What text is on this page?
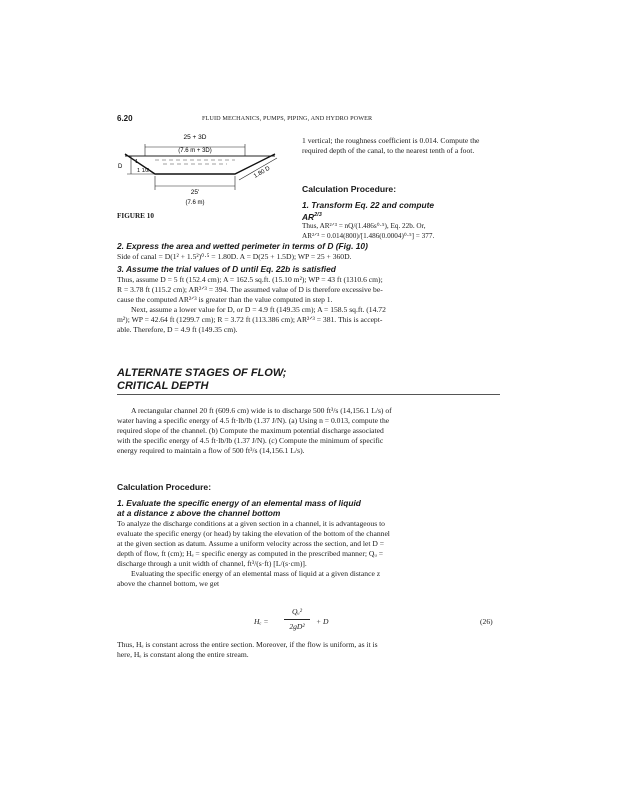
6.20	FLUID MECHANICS, PUMPS, PIPING, AND HYDRO POWER
25 + 3D
(7.6 m + 3D)
D
1
1 1/2
25'
(7.6 m)
1.80 D
FIGURE 10
1 vertical; the roughness coefficient is 0.014. Compute the required depth of the canal, to the nearest tenth of a foot.
Calculation Procedure:
1. Transform Eq. 22 and compute
$AR^{2/3}$
Thus, AR²ᐟ³ = nQ/(1.486s⁰·⁵), Eq. 22b. Or,
AR²ᐟ³ = 0.014(800)/[1.486(0.0004)⁰·⁵] = 377.
2. Express the area and wetted perimeter in terms of D (Fig. 10)
Side of canal = D(1² + 1.5²)⁰·⁵ = 1.80D. A = D(25 + 1.5D); WP = 25 + 360D.
3. Assume the trial values of D until Eq. 22b is satisfied

Thus, assume D = 5 ft (152.4 cm); A = 162.5 sq.ft. (15.10 m²); WP = 43 ft (1310.6 cm);

R = 3.78 ft (115.2 cm); AR²ᐟ³ = 394. The assumed value of D is therefore excessive be-

cause the computed AR²ᐟ³ is greater than the value computed in step 1.

Next, assume a lower value for D, or D = 4.9 ft (149.35 cm); A = 158.5 sq.ft. (14.72

m²); WP = 42.64 ft (1299.7 cm); R = 3.72 ft (113.386 cm); AR²ᐟ³ = 381. This is accept-

able. Therefore, D = 4.9 ft (149.35 cm).

ALTERNATE STAGES OF FLOW;
CRITICAL DEPTH

A rectangular channel 20 ft (609.6 cm) wide is to discharge 500 ft³/s (14,156.1 L/s) of

water having a specific energy of 4.5 ft·lb/lb (1.37 J/N). (a) Using n = 0.013, compute the

required slope of the channel. (b) Compute the maximum potential discharge associated

with the specific energy of 4.5 ft·lb/lb (1.37 J/N). (c) Compute the minimum of specific

energy required to maintain a flow of 500 ft³/s (14,156.1 L/s).

Calculation Procedure:
1. Evaluate the specific energy of an elemental mass of liquid
at a distance z above the channel bottom

To analyze the discharge conditions at a given section in a channel, it is advantageous to

evaluate the specific energy (or head) by taking the elevation of the bottom of the channel

at the given section as datum. Assume a uniform velocity across the section, and let D =

depth of flow, ft (cm); Hₑ = specific energy as computed in the prescribed manner; Qᵤ =

discharge through a unit width of channel, ft³/(s·ft) [L/(s·cm)].

Evaluating the specific energy of an elemental mass of liquid at a given distance z

above the channel bottom, we get

Hₑ =
Qᵤ²
2gD²
+ D	(26)

Thus, Hₑ is constant across the entire section. Moreover, if the flow is uniform, as it is

here, Hₑ is constant along the entire stream.
